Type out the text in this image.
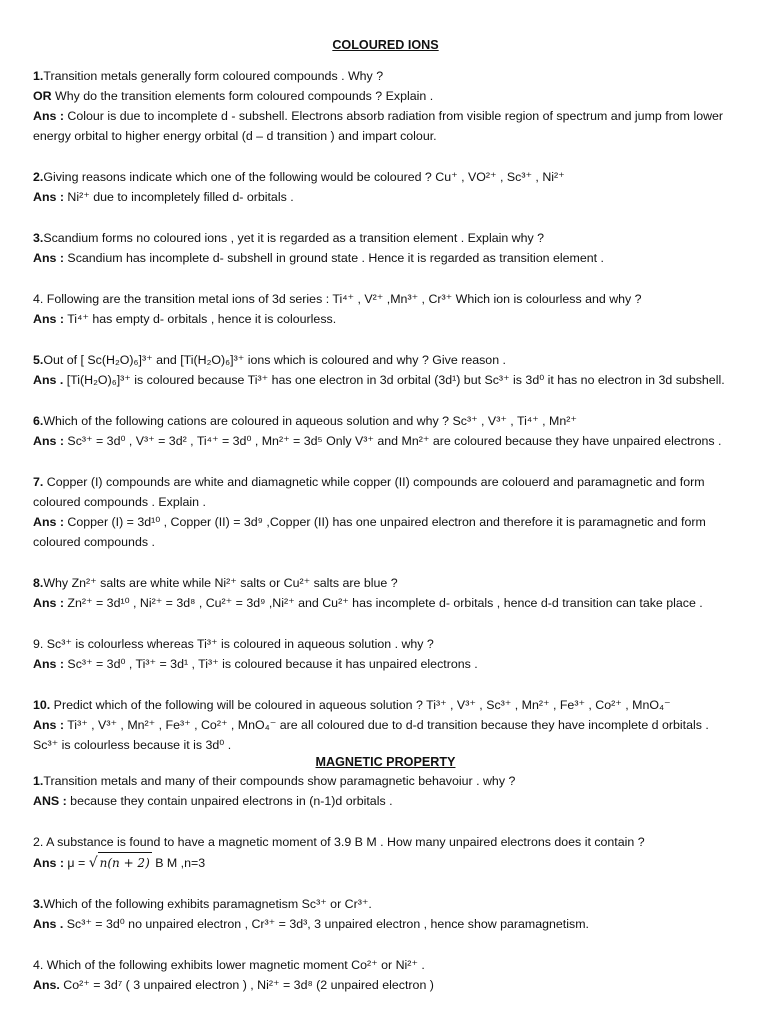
COLOURED IONS
1.Transition metals generally form coloured compounds . Why ?
OR Why do the transition elements form coloured compounds ? Explain .
Ans : Colour is due to incomplete d - subshell. Electrons absorb radiation from visible region of spectrum and jump from lower energy orbital to higher energy orbital (d – d transition ) and impart colour.
2.Giving reasons indicate which one of the following would be coloured ? Cu⁺ , VO²⁺ , Sc³⁺ , Ni²⁺
Ans : Ni²⁺ due to incompletely filled d- orbitals .
3.Scandium forms no coloured ions , yet it is regarded as a transition element . Explain why ?
Ans : Scandium has incomplete d- subshell in ground state . Hence it is regarded as transition element .
4. Following are the transition metal ions of 3d series : Ti⁴⁺ , V²⁺ ,Mn³⁺ , Cr³⁺ Which ion is colourless and why ?
Ans : Ti⁴⁺ has empty d- orbitals , hence it is colourless.
5.Out of [ Sc(H₂O)₆]³⁺ and [Ti(H₂O)₆]³⁺ ions which is coloured and why ? Give reason .
Ans . [Ti(H₂O)₆]³⁺ is coloured because Ti³⁺ has one electron in 3d orbital (3d¹) but Sc³⁺ is 3d⁰ it has no electron in 3d subshell.
6.Which of the following cations are coloured in aqueous solution and why ? Sc³⁺ , V³⁺ , Ti⁴⁺ , Mn²⁺
Ans : Sc³⁺ = 3d⁰ , V³⁺ = 3d² , Ti⁴⁺ = 3d⁰ , Mn²⁺ = 3d⁵ Only V³⁺ and Mn²⁺ are coloured because they have unpaired electrons .
7. Copper (I) compounds are white and diamagnetic while copper (II) compounds are colouerd and paramagnetic and form coloured compounds . Explain .
Ans : Copper (I) = 3d¹⁰ , Copper (II) = 3d⁹ ,Copper (II) has one unpaired electron and therefore it is paramagnetic and form coloured compounds .
8.Why Zn²⁺ salts are white while Ni²⁺ salts or Cu²⁺ salts are blue ?
Ans : Zn²⁺ = 3d¹⁰ , Ni²⁺ = 3d⁸ , Cu²⁺ = 3d⁹ ,Ni²⁺ and Cu²⁺ has incomplete d- orbitals , hence d-d transition can take place .
9. Sc³⁺ is colourless whereas Ti³⁺ is coloured in aqueous solution . why ?
Ans : Sc³⁺ = 3d⁰ , Ti³⁺ = 3d¹ , Ti³⁺ is coloured because it has unpaired electrons .
10. Predict which of the following will be coloured in aqueous solution ? Ti³⁺ , V³⁺ , Sc³⁺ , Mn²⁺ , Fe³⁺ , Co²⁺ , MnO₄⁻
Ans : Ti³⁺ , V³⁺ , Mn²⁺ , Fe³⁺ , Co²⁺ , MnO₄⁻ are all coloured due to d-d transition because they have incomplete d orbitals .
Sc³⁺ is colourless because it is 3d⁰ .
MAGNETIC PROPERTY
1.Transition metals and many of their compounds show paramagnetic behavoiur . why ?
ANS : because they contain unpaired electrons in (n-1)d orbitals .
2. A substance is found to have a magnetic moment of 3.9 B M . How many unpaired electrons does it contain ?
Ans : μ = √ n(n + 2) B M ,n=3
3.Which of the following exhibits paramagnetism Sc³⁺ or Cr³⁺.
Ans . Sc³⁺ = 3d⁰ no unpaired electron , Cr³⁺ = 3d³, 3 unpaired electron , hence show paramagnetism.
4. Which of the following exhibits lower magnetic moment Co²⁺ or Ni²⁺ .
Ans. Co²⁺ = 3d⁷ ( 3 unpaired electron ) , Ni²⁺ = 3d⁸ (2 unpaired electron )
